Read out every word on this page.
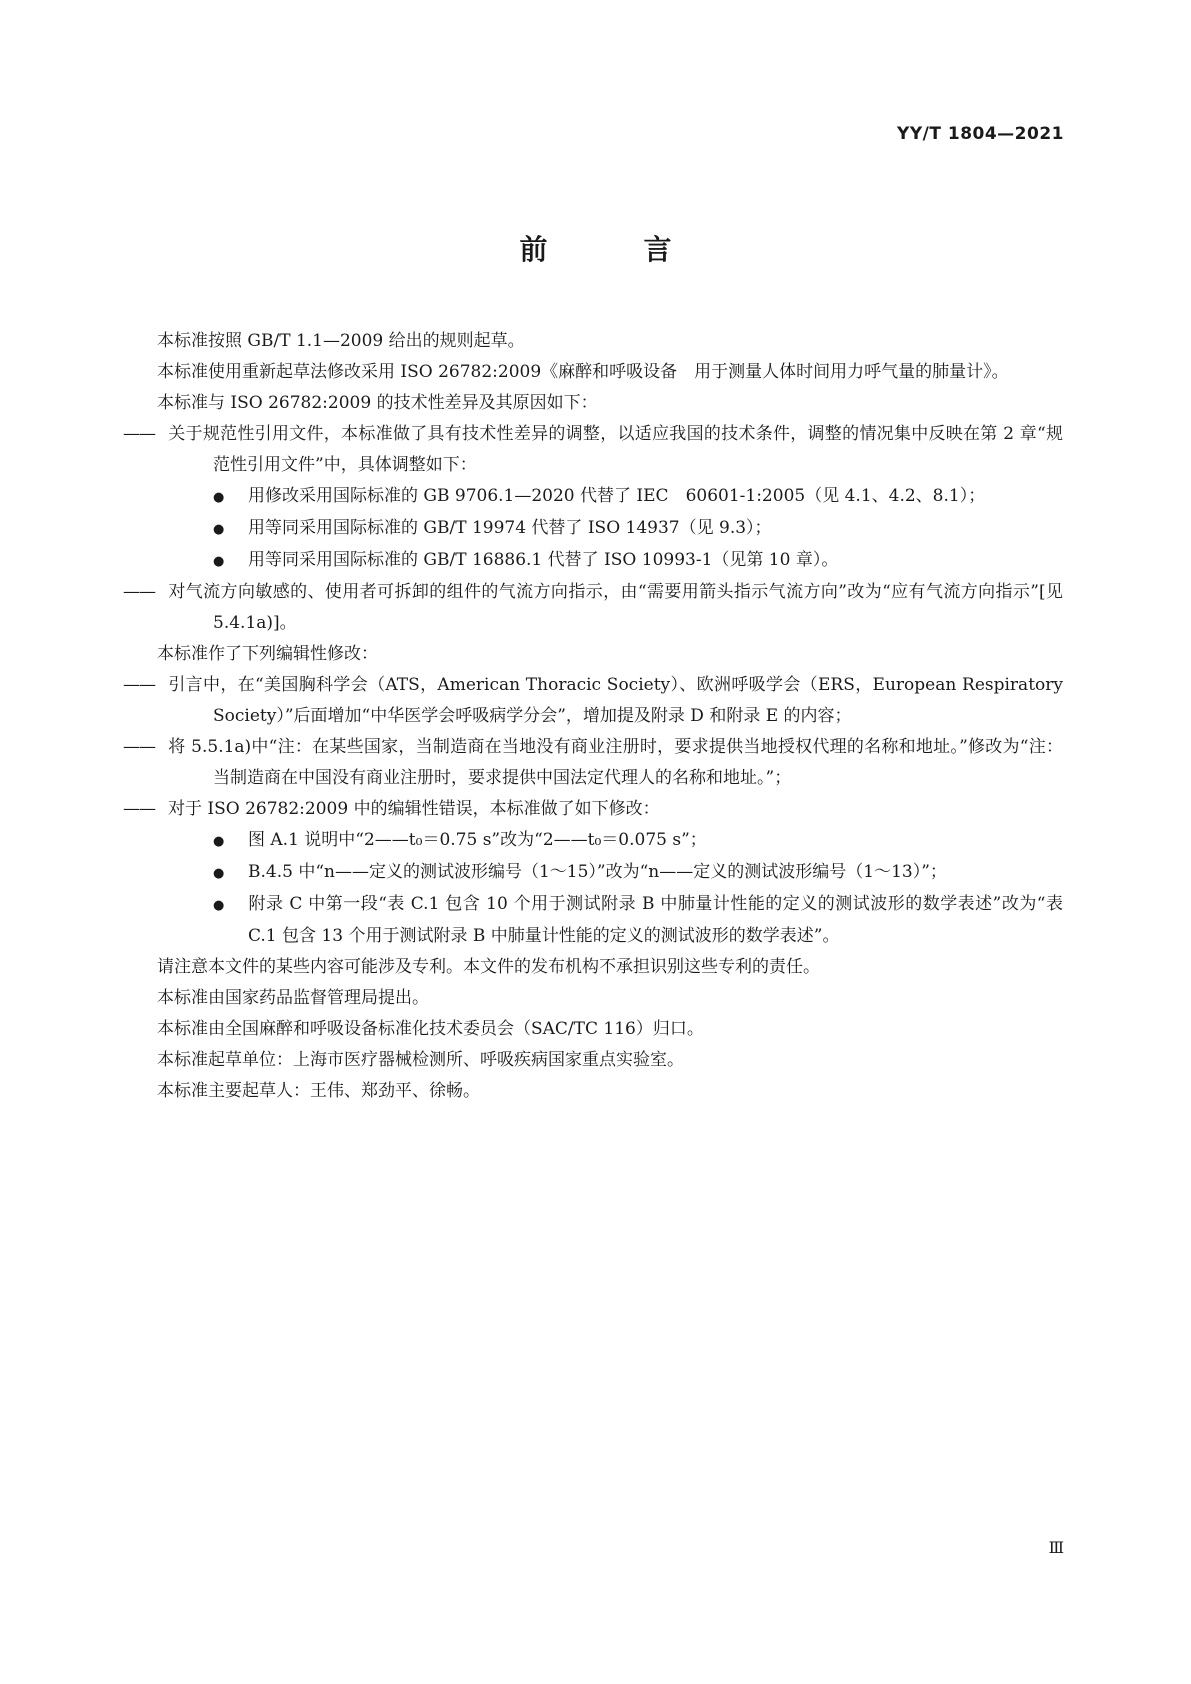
YY/T 1804—2021
前　言

本标准按照 GB/T 1.1—2009 给出的规则起草。

本标准使用重新起草法修改采用 ISO 26782:2009《麻醉和呼吸设备　用于测量人体时间用力呼气量的肺量计》。

本标准与 ISO 26782:2009 的技术性差异及其原因如下：

—— 关于规范性引用文件，本标准做了具有技术性差异的调整，以适应我国的技术条件，调整的情况集中反映在第 2 章“规范性引用文件”中，具体调整如下：

● 用修改采用国际标准的 GB 9706.1—2020 代替了 IEC　60601-1:2005（见 4.1、4.2、8.1）；

● 用等同采用国际标准的 GB/T 19974 代替了 ISO 14937（见 9.3）；

● 用等同采用国际标准的 GB/T 16886.1 代替了 ISO 10993-1（见第 10 章）。

—— 对气流方向敏感的、使用者可拆卸的组件的气流方向指示，由“需要用箭头指示气流方向”改为“应有气流方向指示”[见 5.4.1a)]。

本标准作了下列编辑性修改：

—— 引言中，在“美国胸科学会（ATS，American Thoracic Society）、欧洲呼吸学会（ERS，European Respiratory Society）”后面增加“中华医学会呼吸病学分会”，增加提及附录 D 和附录 E 的内容；

—— 将 5.5.1a)中“注：在某些国家，当制造商在当地没有商业注册时，要求提供当地授权代理的名称和地址。”修改为“注：当制造商在中国没有商业注册时，要求提供中国法定代理人的名称和地址。”；

—— 对于 ISO 26782:2009 中的编辑性错误，本标准做了如下修改：

● 图 A.1 说明中“2——t₀＝0.75 s”改为“2——t₀＝0.075 s”；

● B.4.5 中“n——定义的测试波形编号（1～15）”改为“n——定义的测试波形编号（1～13）”；

● 附录 C 中第一段“表 C.1 包含 10 个用于测试附录 B 中肺量计性能的定义的测试波形的数学表述”改为“表 C.1 包含 13 个用于测试附录 B 中肺量计性能的定义的测试波形的数学表述”。

请注意本文件的某些内容可能涉及专利。本文件的发布机构不承担识别这些专利的责任。

本标准由国家药品监督管理局提出。

本标准由全国麻醉和呼吸设备标准化技术委员会（SAC/TC 116）归口。

本标准起草单位：上海市医疗器械检测所、呼吸疾病国家重点实验室。

本标准主要起草人：王伟、郑劲平、徐畅。

Ⅲ
